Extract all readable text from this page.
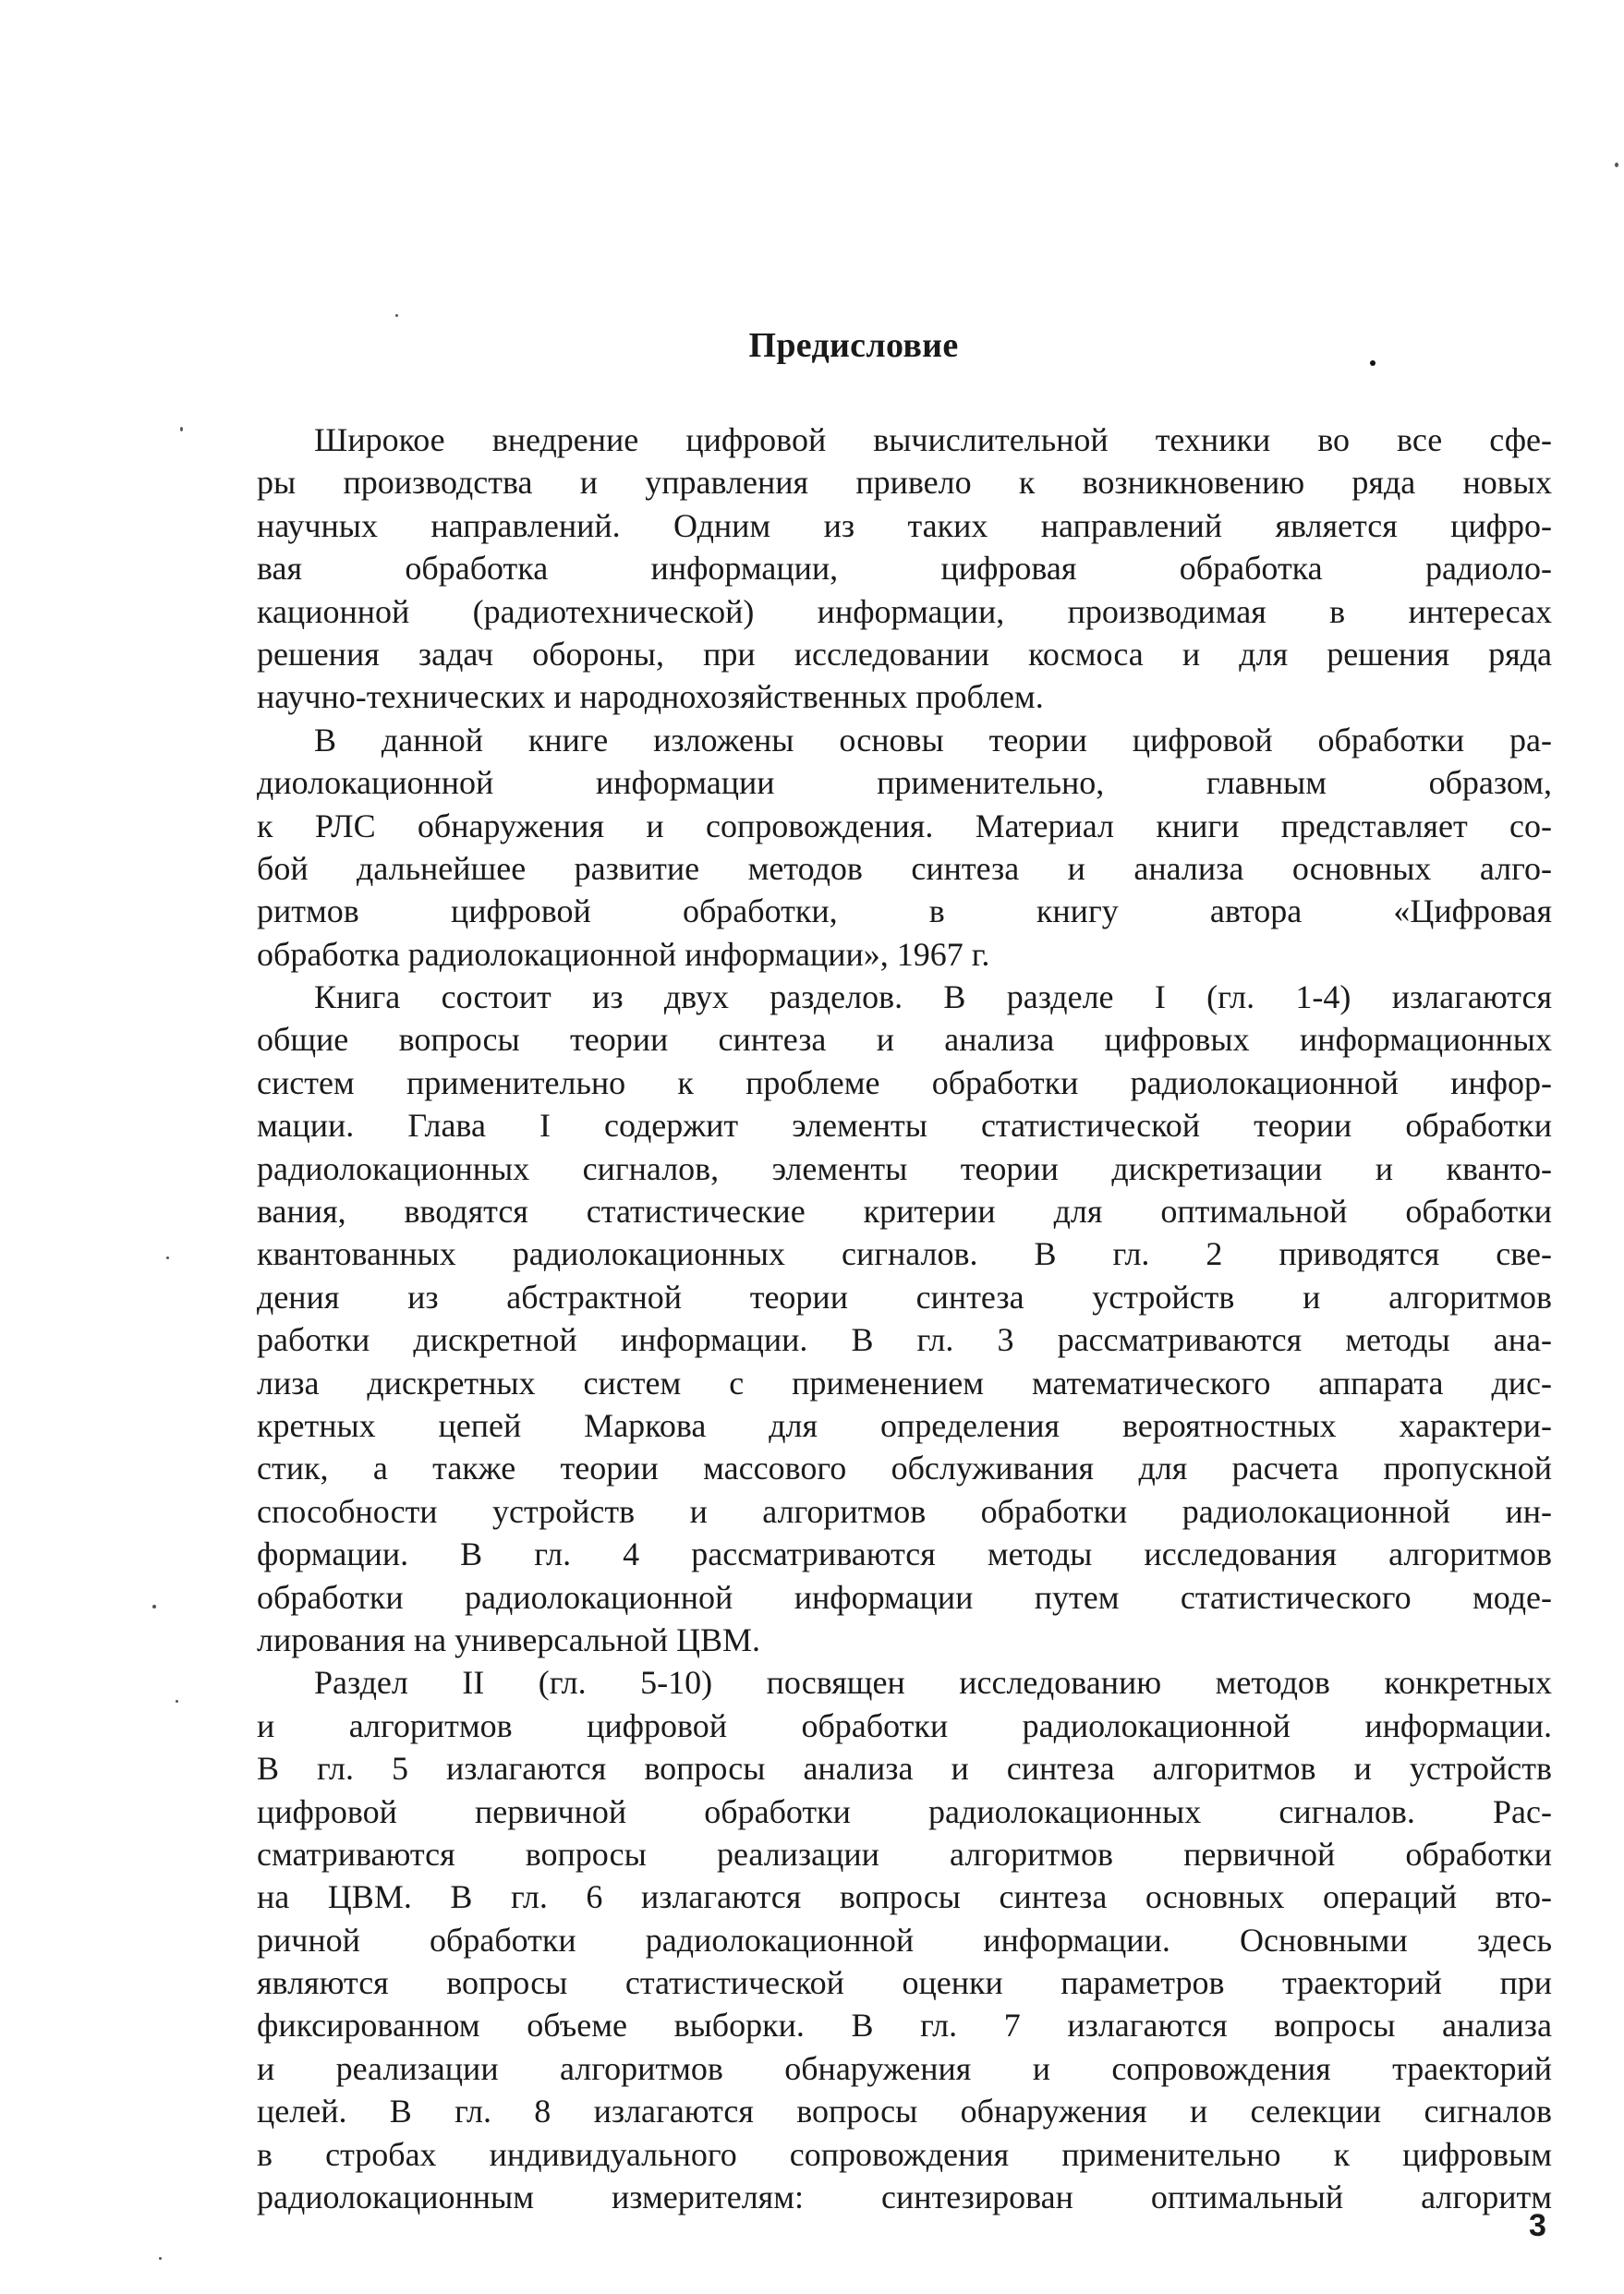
Предисловие
Широкое внедрение цифровой вычислительной техники во все сфе-
ры производства и управления привело к возникновению ряда новых
научных направлений. Одним из таких направлений является цифро-
вая обработка информации, цифровая обработка радиоло-
кационной (радиотехнической) информации, производимая в интересах
решения задач обороны, при исследовании космоса и для решения ряда
научно-технических и народнохозяйственных проблем.
В данной книге изложены основы теории цифровой обработки ра-
диолокационной информации применительно, главным образом,
к РЛС обнаружения и сопровождения. Материал книги представляет со-
бой дальнейшее развитие методов синтеза и анализа основных алго-
ритмов цифровой обработки, в книгу автора «Цифровая
обработка радиолокационной информации», 1967 г.
Книга состоит из двух разделов. В разделе I (гл. 1-4) излагаются
общие вопросы теории синтеза и анализа цифровых информационных
систем применительно к проблеме обработки радиолокационной инфор-
мации. Глава I содержит элементы статистической теории обработки
радиолокационных сигналов, элементы теории дискретизации и кванто-
вания, вводятся статистические критерии для оптимальной обработки
квантованных радиолокационных сигналов. В гл. 2 приводятся све-
дения из абстрактной теории синтеза устройств и алгоритмов
работки дискретной информации. В гл. 3 рассматриваются методы ана-
лиза дискретных систем с применением математического аппарата дис-
кретных цепей Маркова для определения вероятностных характери-
стик, а также теории массового обслуживания для расчета пропускной
способности устройств и алгоритмов обработки радиолокационной ин-
формации. В гл. 4 рассматриваются методы исследования алгоритмов
обработки радиолокационной информации путем статистического моде-
лирования на универсальной ЦВМ.
Раздел II (гл. 5-10) посвящен исследованию методов конкретных
и алгоритмов цифровой обработки радиолокационной информации.
В гл. 5 излагаются вопросы анализа и синтеза алгоритмов и устройств
цифровой первичной обработки радиолокационных сигналов. Рас-
сматриваются вопросы реализации алгоритмов первичной обработки
на ЦВМ. В гл. 6 излагаются вопросы синтеза основных операций вто-
ричной обработки радиолокационной информации. Основными здесь
являются вопросы статистической оценки параметров траекторий при
фиксированном объеме выборки. В гл. 7 излагаются вопросы анализа
и реализации алгоритмов обнаружения и сопровождения траекторий
целей. В гл. 8 излагаются вопросы обнаружения и селекции сигналов
в стробах индивидуального сопровождения применительно к цифровым
радиолокационным измерителям: синтезирован оптимальный алгоритм
3
